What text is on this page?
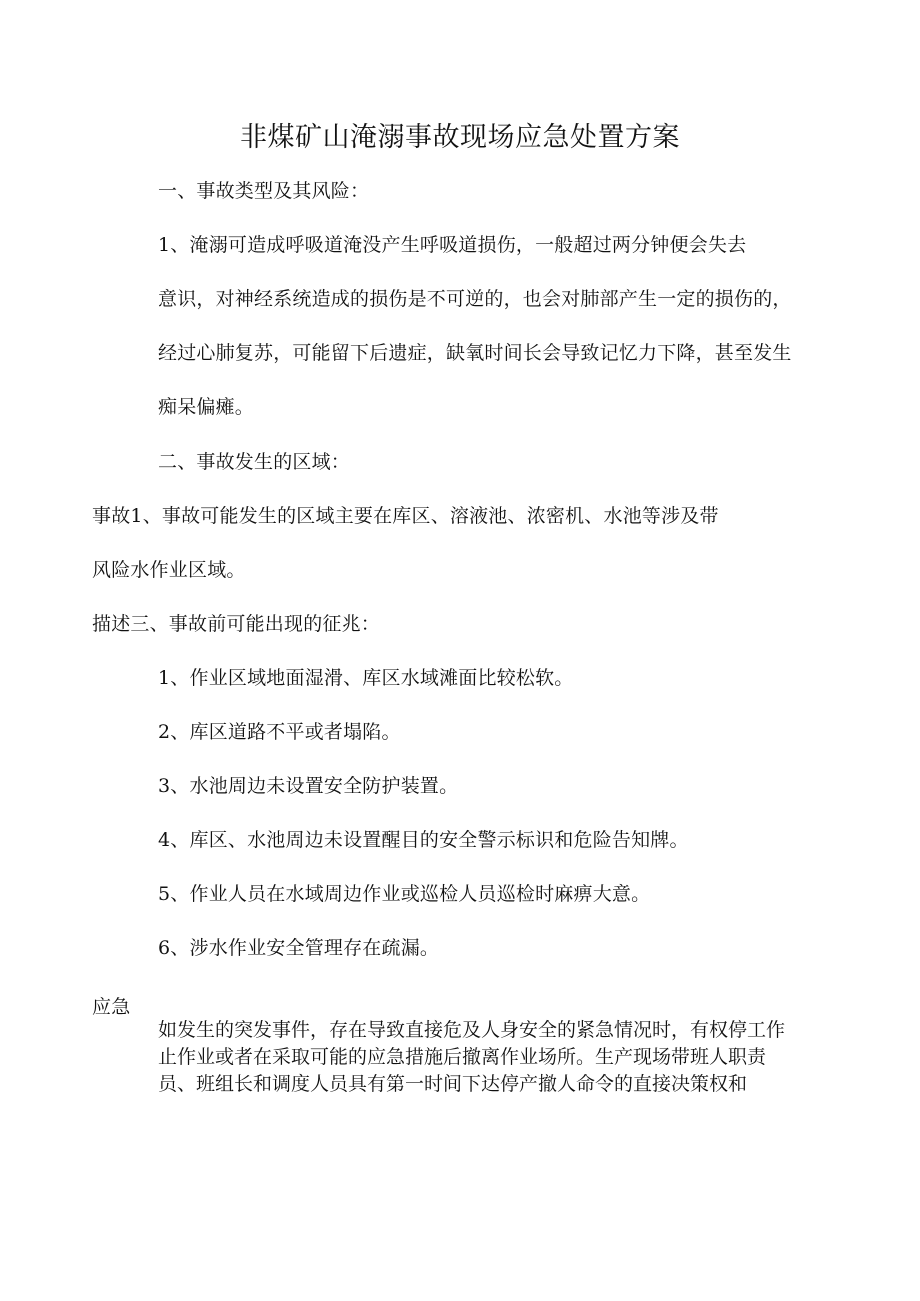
非煤矿山淹溺事故现场应急处置方案
一、事故类型及其风险：
1、淹溺可造成呼吸道淹没产生呼吸道损伤，一般超过两分钟便会失去
意识，对神经系统造成的损伤是不可逆的，也会对肺部产生一定的损伤的，
经过心肺复苏，可能留下后遗症，缺氧时间长会导致记忆力下降，甚至发生
痴呆偏瘫。
二、事故发生的区域：
事故1、事故可能发生的区域主要在库区、溶液池、浓密机、水池等涉及带
风险水作业区域。
描述三、事故前可能出现的征兆：
1、作业区域地面湿滑、库区水域滩面比较松软。
2、库区道路不平或者塌陷。
3、水池周边未设置安全防护装置。
4、库区、水池周边未设置醒目的安全警示标识和危险告知牌。
5、作业人员在水域周边作业或巡检人员巡检时麻痹大意。
6、涉水作业安全管理存在疏漏。
应急
如发生的突发事件，存在导致直接危及人身安全的紧急情况时，有权停工作
止作业或者在采取可能的应急措施后撤离作业场所。生产现场带班人职责
员、班组长和调度人员具有第一时间下达停产撤人命令的直接决策权和
